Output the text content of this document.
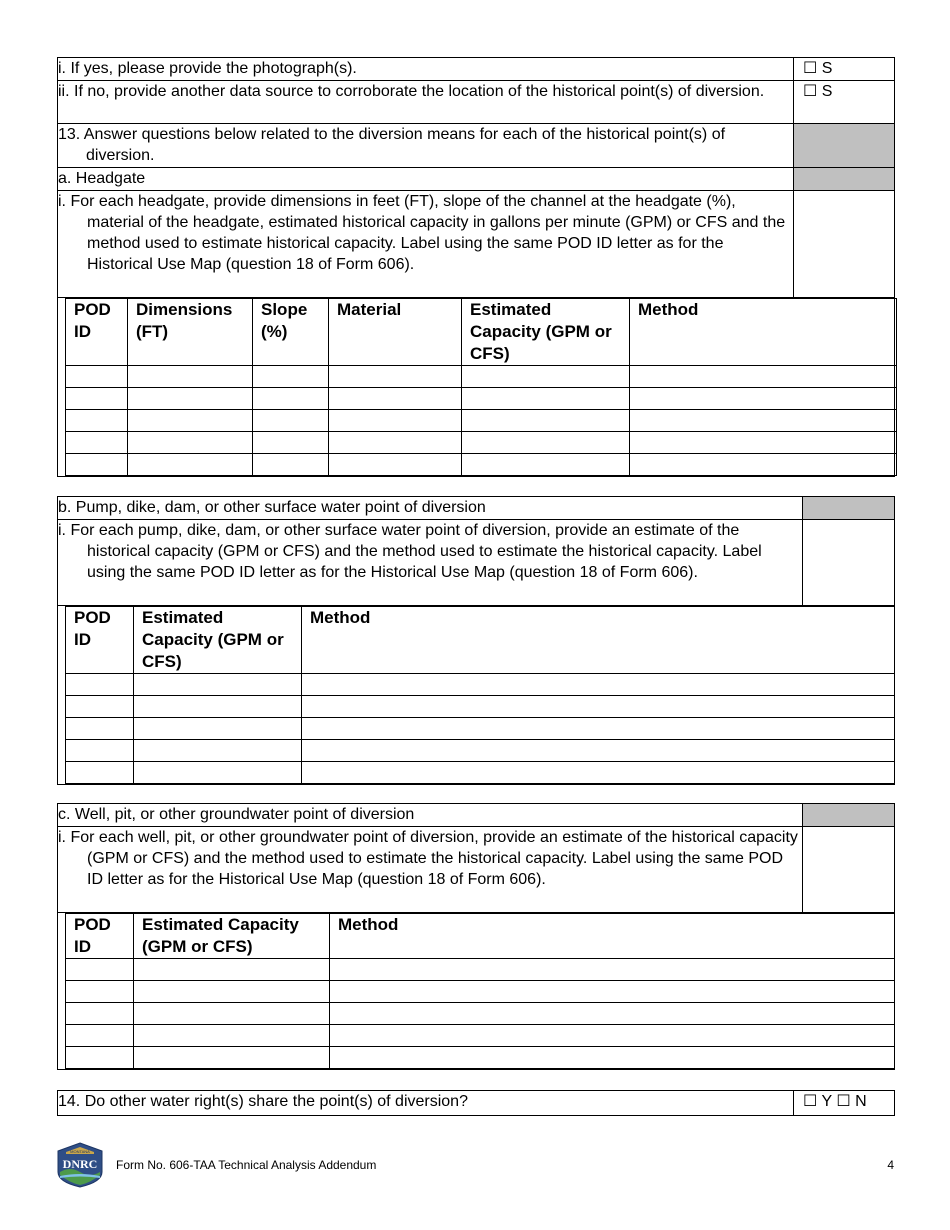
i. If yes, please provide the photograph(s).	☐ S

ii. If no, provide another data source to corroborate the location of the historical point(s) of diversion.	☐ S

13. Answer questions below related to the diversion means for each of the historical point(s) of diversion.	

a. Headgate	

i. For each headgate, provide dimensions in feet (FT), slope of the channel at the headgate (%), material of the headgate, estimated historical capacity in gallons per minute (GPM) or CFS and the method used to estimate historical capacity. Label using the same POD ID letter as for the Historical Use Map (question 18 of Form 606).	

POD ID	Dimensions (FT)	Slope (%)	Material	Estimated Capacity (GPM or CFS)	Method

b. Pump, dike, dam, or other surface water point of diversion	

i. For each pump, dike, dam, or other surface water point of diversion, provide an estimate of the historical capacity (GPM or CFS) and the method used to estimate the historical capacity. Label using the same POD ID letter as for the Historical Use Map (question 18 of Form 606).	

POD ID	Estimated Capacity (GPM or CFS)	Method

c. Well, pit, or other groundwater point of diversion	

i. For each well, pit, or other groundwater point of diversion, provide an estimate of the historical capacity (GPM or CFS) and the method used to estimate the historical capacity. Label using the same POD ID letter as for the Historical Use Map (question 18 of Form 606).	

POD ID	Estimated Capacity (GPM or CFS)	Method

14. Do other water right(s) share the point(s) of diversion?	☐ Y ☐ N
MONTANA
DNRC Form No. 606-TAA Technical Analysis Addendum	4
